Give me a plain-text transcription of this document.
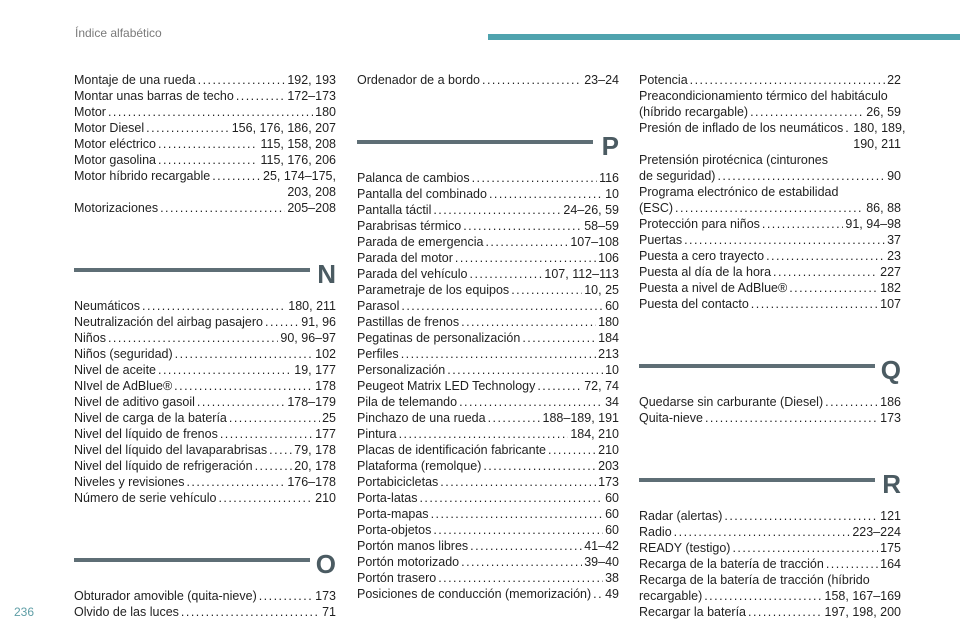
Índice alfabético
Montaje de una rueda . . .	192, 193
Montar unas barras de techo . . .	172–173
Motor . . .	180
Motor Diesel . . .	156, 176, 186, 207
Motor eléctrico . . .	115, 158, 208
Motor gasolina . . .	115, 176, 206
Motor híbrido recargable . . .	25, 174–175,
203, 208
Motorizaciones . . .	205–208
N
Neumáticos . . .	180, 211
Neutralización del airbag pasajero . . .	91, 96
Niños . . .	90, 96–97
Niños (seguridad) . . .	102
Nivel de aceite . . .	19, 177
NIvel de AdBlue® . . .	178
Nivel de aditivo gasoil . . .	178–179
Nivel de carga de la batería . . .	25
Nivel del líquido de frenos . . .	177
Nivel del líquido del lavaparabrisas . . . 79, 178
Nivel del líquido de refrigeración . . .	20, 178
Niveles y revisiones . . .	176–178
Número de serie vehículo . . .	210
O
Obturador amovible (quita-nieve) . . .	173
Olvido de las luces . . .	71
Ordenador de a bordo . . .	23–24
P
Palanca de cambios . . .	116
Pantalla del combinado . . .	10
Pantalla táctil . . .	24–26, 59
Parabrisas térmico . . .	58–59
Parada de emergencia . . .	107–108
Parada del motor . . .	106
Parada del vehículo . . .	107, 112–113
Parametraje de los equipos . . .	10, 25
Parasol . . .	60
Pastillas de frenos . . .	180
Pegatinas de personalización . . .	184
Perfiles . . .	213
Personalización . . .	10
Peugeot Matrix LED Technology . . .	72, 74
Pila de telemando . . .	34
Pinchazo de una rueda . . .	188–189, 191
Pintura . . .	184, 210
Placas de identificación fabricante . . .	210
Plataforma (remolque) . . .	203
Portabicicletas . . .	173
Porta-latas . . .	60
Porta-mapas . . .	60
Porta-objetos . . .	60
Portón manos libres . . .	41–42
Portón motorizado . . .	39–40
Portón trasero . . .	38
Posiciones de conducción (memorización) . . . 49
Potencia . . .	22
Preacondicionamiento térmico del habitáculo
(híbrido recargable) . . .	26, 59
Presión de inflado de los neumáticos . . . 180, 189,
190, 211
Pretensión pirotécnica (cinturones
de seguridad) . . .	90
Programa electrónico de estabilidad
(ESC) . . .	86, 88
Protección para niños . . .	91, 94–98
Puertas . . .	37
Puesta a cero trayecto . . .	23
Puesta al día de la hora . . .	227
Puesta a nivel de AdBlue® . . .	182
Puesta del contacto . . .	107
Q
Quedarse sin carburante (Diesel) . . .	186
Quita-nieve . . .	173
R
Radar (alertas) . . .	121
Radio . . .	223–224
READY (testigo) . . .	175
Recarga de la batería de tracción . . .	164
Recarga de la batería de tracción (híbrido
recargable) . . .	158, 167–169
Recargar la batería . . .	197, 198, 200
236
